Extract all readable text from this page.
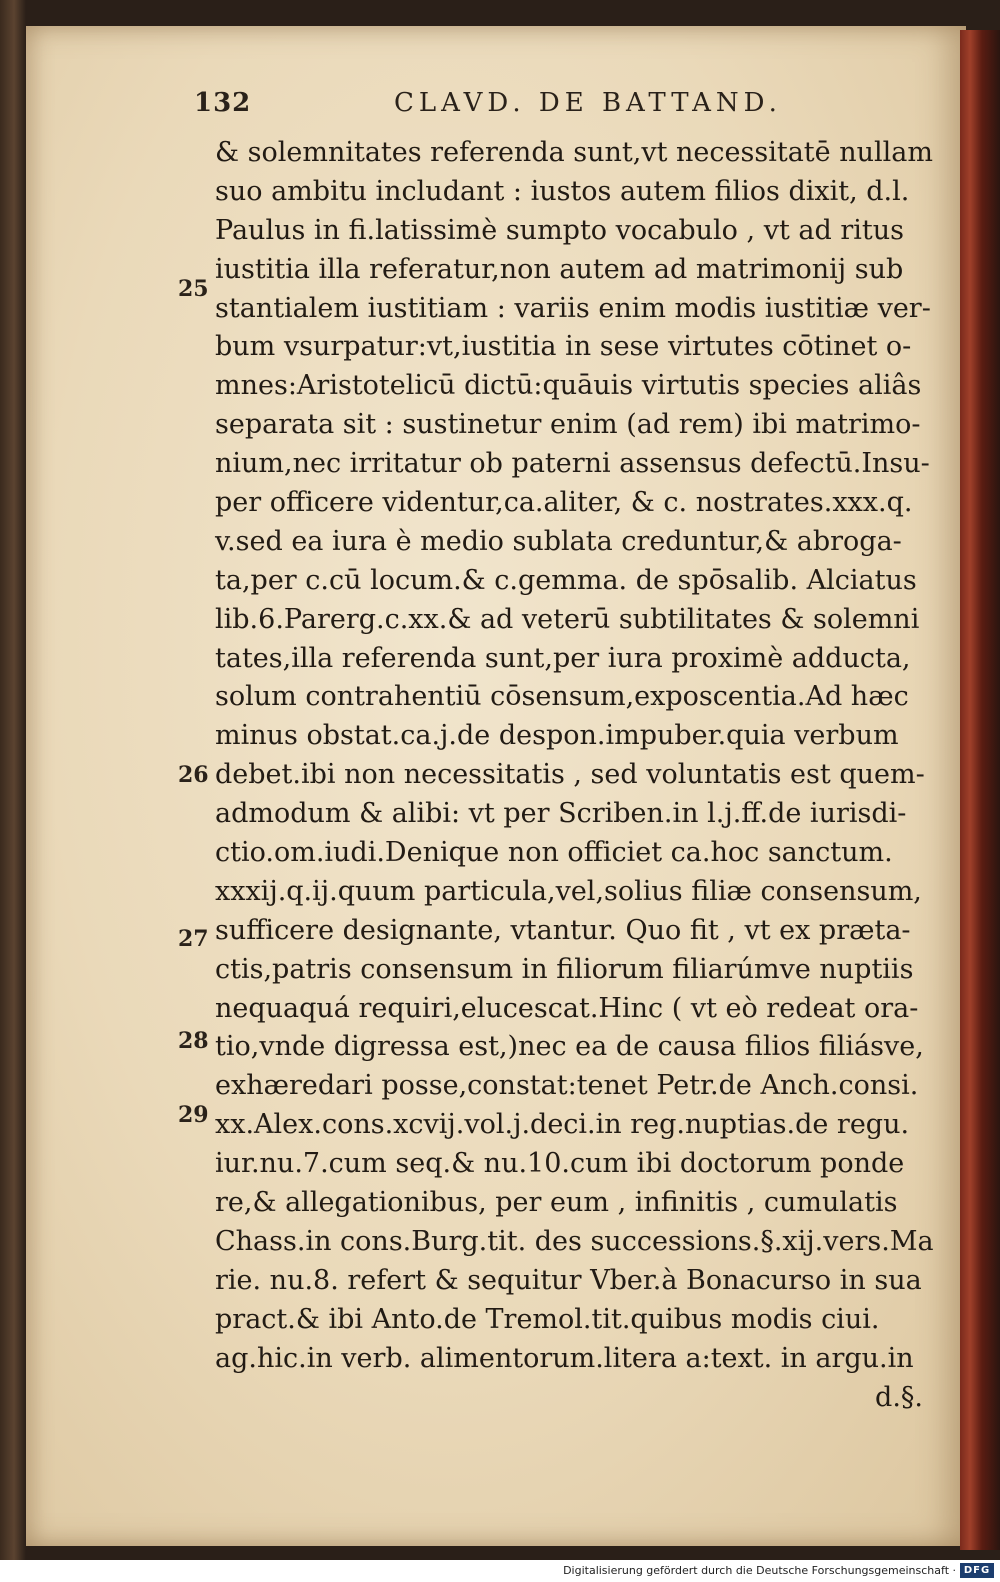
132	CLAVD. DE BATTAND.
25
26
27
28
29
& solemnitates referenda sunt,vt necessitatē nullam
suo ambitu includant : iustos autem filios dixit, d.l.
Paulus in fi.latissimè sumpto vocabulo , vt ad ritus
iustitia illa referatur,non autem ad matrimonij sub
stantialem iustitiam : variis enim modis iustitiæ ver-
bum vsurpatur:vt,iustitia in sese virtutes cōtinet o-
mnes:Aristotelicū dictū:quāuis virtutis species aliâs
separata sit : sustinetur enim (ad rem) ibi matrimo-
nium,nec irritatur ob paterni assensus defectū.Insu-
per officere videntur,ca.aliter, & c. nostrates.xxx.q.
v.sed ea iura è medio sublata creduntur,& abroga-
ta,per c.cū locum.& c.gemma. de spōsalib. Alciatus
lib.6.Parerg.c.xx.& ad veterū subtilitates & solemni
tates,illa referenda sunt,per iura proximè adducta,
solum contrahentiū cōsensum,exposcentia.Ad hæc
minus obstat.ca.j.de despon.impuber.quia verbum
debet.ibi non necessitatis , sed voluntatis est quem-
admodum & alibi: vt per Scriben.in l.j.ff.de iurisdi-
ctio.om.iudi.Denique non officiet ca.hoc sanctum.
xxxij.q.ij.quum particula,vel,solius filiæ consensum,
sufficere designante, vtantur. Quo fit , vt ex præta-
ctis,patris consensum in filiorum filiarúmve nuptiis
nequaquá requiri,elucescat.Hinc ( vt eò redeat ora-
tio,vnde digressa est,)nec ea de causa filios filiásve,
exhæredari posse,constat:tenet Petr.de Anch.consi.
xx.Alex.cons.xcvij.vol.j.deci.in reg.nuptias.de regu.
iur.nu.7.cum seq.& nu.10.cum ibi doctorum ponde
re,& allegationibus, per eum , infinitis , cumulatis
Chass.in cons.Burg.tit. des successions.§.xij.vers.Ma
rie. nu.8. refert & sequitur Vber.à Bonacurso in sua
pract.& ibi Anto.de Tremol.tit.quibus modis ciui.
ag.hic.in verb. alimentorum.litera a:text. in argu.in
d.§.
Digitalisierung gefördert durch die Deutsche Forschungsgemeinschaft · DFG
